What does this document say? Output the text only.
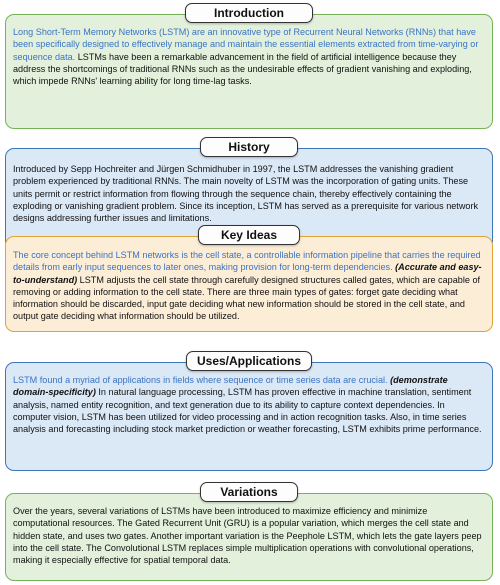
Introduction

Long Short-Term Memory Networks (LSTM) are an innovative type of Recurrent Neural Networks (RNNs) that have been specifically designed to effectively manage and maintain the essential elements extracted from time-varying or sequence data. LSTMs have been a remarkable advancement in the field of artificial intelligence because they address the shortcomings of traditional RNNs such as the undesirable effects of gradient vanishing and exploding, which impede RNNs' learning ability for long time-lag tasks.

History

Introduced by Sepp Hochreiter and Jürgen Schmidhuber in 1997, the LSTM addresses the vanishing gradient problem experienced by traditional RNNs. The main novelty of LSTM was the incorporation of gating units. These units permit or restrict information from flowing through the sequence chain, thereby effectively containing the exploding or vanishing gradient problem. Since its inception, LSTM has served as a prerequisite for various network designs addressing further issues and limitations.

Key Ideas

The core concept behind LSTM networks is the cell state, a controllable information pipeline that carries the required details from early input sequences to later ones, making provision for long-term dependencies. (Accurate and easy-to-understand) LSTM adjusts the cell state through carefully designed structures called gates, which are capable of removing or adding information to the cell state. There are three main types of gates: forget gate deciding what information should be discarded, input gate deciding what new information should be stored in the cell state, and output gate deciding what information should be utilized.

Uses/Applications

LSTM found a myriad of applications in fields where sequence or time series data are crucial. (demonstrate domain-specificity) In natural language processing, LSTM has proven effective in machine translation, sentiment analysis, named entity recognition, and text generation due to its ability to capture context dependencies. In computer vision, LSTM has been utilized for video processing and in action recognition tasks. Also, in time series analysis and forecasting including stock market prediction or weather forecasting, LSTM exhibits prime performance.

Variations

Over the years, several variations of LSTMs have been introduced to maximize efficiency and minimize computational resources. The Gated Recurrent Unit (GRU) is a popular variation, which merges the cell state and hidden state, and uses two gates. Another important variation is the Peephole LSTM, which lets the gate layers peep into the cell state. The Convolutional LSTM replaces simple multiplication operations with convolutional operations, making it especially effective for spatial temporal data.
